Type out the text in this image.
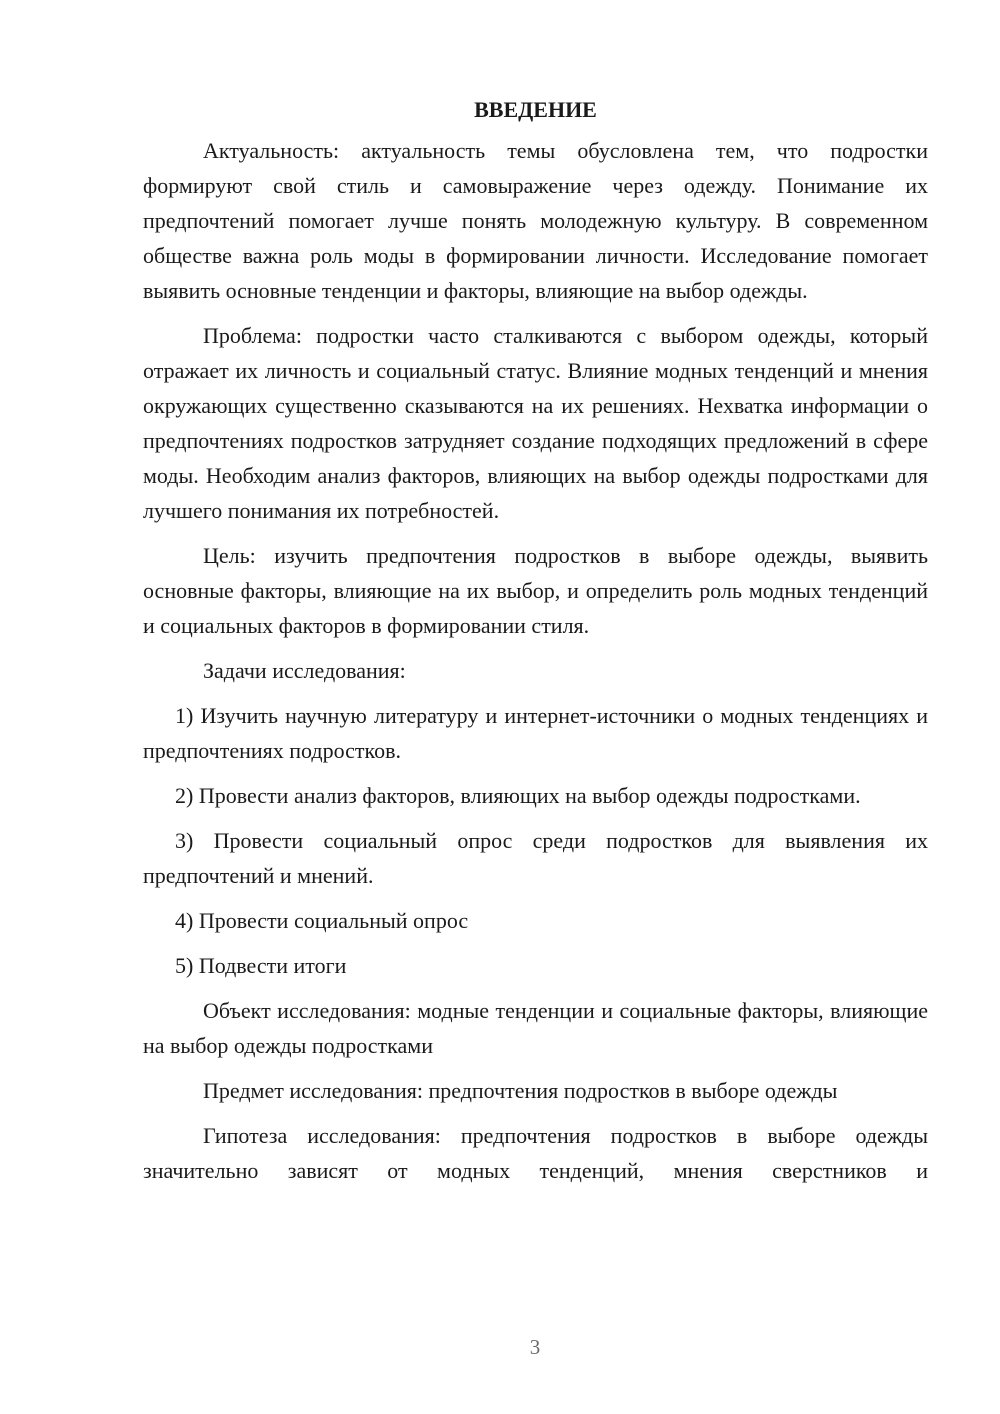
ВВЕДЕНИЕ

Актуальность: актуальность темы обусловлена тем, что подростки формируют свой стиль и самовыражение через одежду. Понимание их предпочтений помогает лучше понять молодежную культуру. В современном обществе важна роль моды в формировании личности. Исследование помогает выявить основные тенденции и факторы, влияющие на выбор одежды.

Проблема: подростки часто сталкиваются с выбором одежды, который отражает их личность и социальный статус. Влияние модных тенденций и мнения окружающих существенно сказываются на их решениях. Нехватка информации о предпочтениях подростков затрудняет создание подходящих предложений в сфере моды. Необходим анализ факторов, влияющих на выбор одежды подростками для лучшего понимания их потребностей.

Цель: изучить предпочтения подростков в выборе одежды, выявить основные факторы, влияющие на их выбор, и определить роль модных тенденций и социальных факторов в формировании стиля.

Задачи исследования:

1) Изучить научную литературу и интернет-источники о модных тенденциях и предпочтениях подростков.

2) Провести анализ факторов, влияющих на выбор одежды подростками.

3) Провести социальный опрос среди подростков для выявления их предпочтений и мнений.

4) Провести социальный опрос

5) Подвести итоги

Объект исследования: модные тенденции и социальные факторы, влияющие на выбор одежды подростками

Предмет исследования: предпочтения подростков в выборе одежды

Гипотеза исследования: предпочтения подростков в выборе одежды значительно зависят от модных тенденций, мнения сверстников и

3
